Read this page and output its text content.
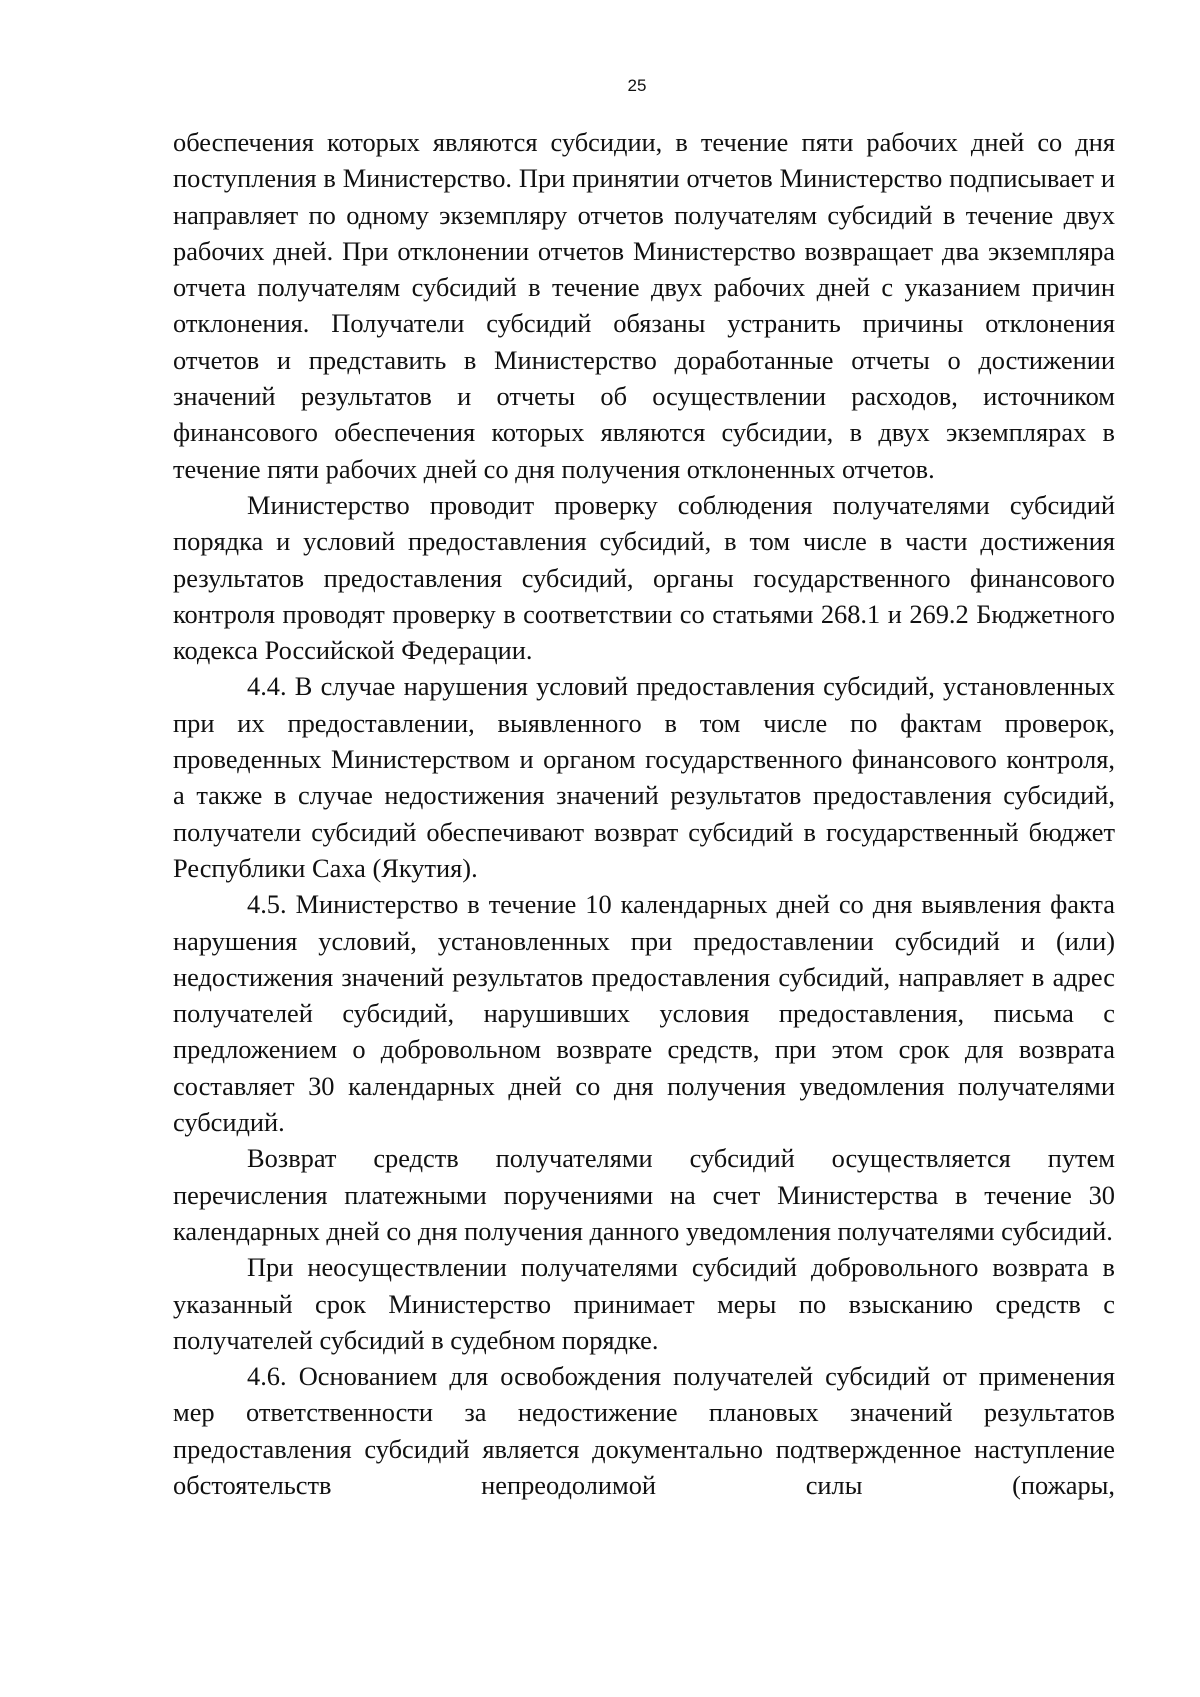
25

обеспечения которых являются субсидии, в течение пяти рабочих дней со дня поступления в Министерство. При принятии отчетов Министерство подписывает и направляет по одному экземпляру отчетов получателям субсидий в течение двух рабочих дней. При отклонении отчетов Министерство возвращает два экземпляра отчета получателям субсидий в течение двух рабочих дней с указанием причин отклонения. Получатели субсидий обязаны устранить причины отклонения отчетов и представить в Министерство доработанные отчеты о достижении значений результатов и отчеты об осуществлении расходов, источником финансового обеспечения которых являются субсидии, в двух экземплярах в течение пяти рабочих дней со дня получения отклоненных отчетов.

Министерство проводит проверку соблюдения получателями субсидий порядка и условий предоставления субсидий, в том числе в части достижения результатов предоставления субсидий, органы государственного финансового контроля проводят проверку в соответствии со статьями 268.1 и 269.2 Бюджетного кодекса Российской Федерации.

4.4. В случае нарушения условий предоставления субсидий, установленных при их предоставлении, выявленного в том числе по фактам проверок, проведенных Министерством и органом государственного финансового контроля, а также в случае недостижения значений результатов предоставления субсидий, получатели субсидий обеспечивают возврат субсидий в государственный бюджет Республики Саха (Якутия).

4.5. Министерство в течение 10 календарных дней со дня выявления факта нарушения условий, установленных при предоставлении субсидий и (или) недостижения значений результатов предоставления субсидий, направляет в адрес получателей субсидий, нарушивших условия предоставления, письма с предложением о добровольном возврате средств, при этом срок для возврата составляет 30 календарных дней со дня получения уведомления получателями субсидий.

Возврат средств получателями субсидий осуществляется путем перечисления платежными поручениями на счет Министерства в течение 30 календарных дней со дня получения данного уведомления получателями субсидий.

При неосуществлении получателями субсидий добровольного возврата в указанный срок Министерство принимает меры по взысканию средств с получателей субсидий в судебном порядке.

4.6. Основанием для освобождения получателей субсидий от применения мер ответственности за недостижение плановых значений результатов предоставления субсидий является документально подтвержденное наступление обстоятельств непреодолимой силы (пожары,
